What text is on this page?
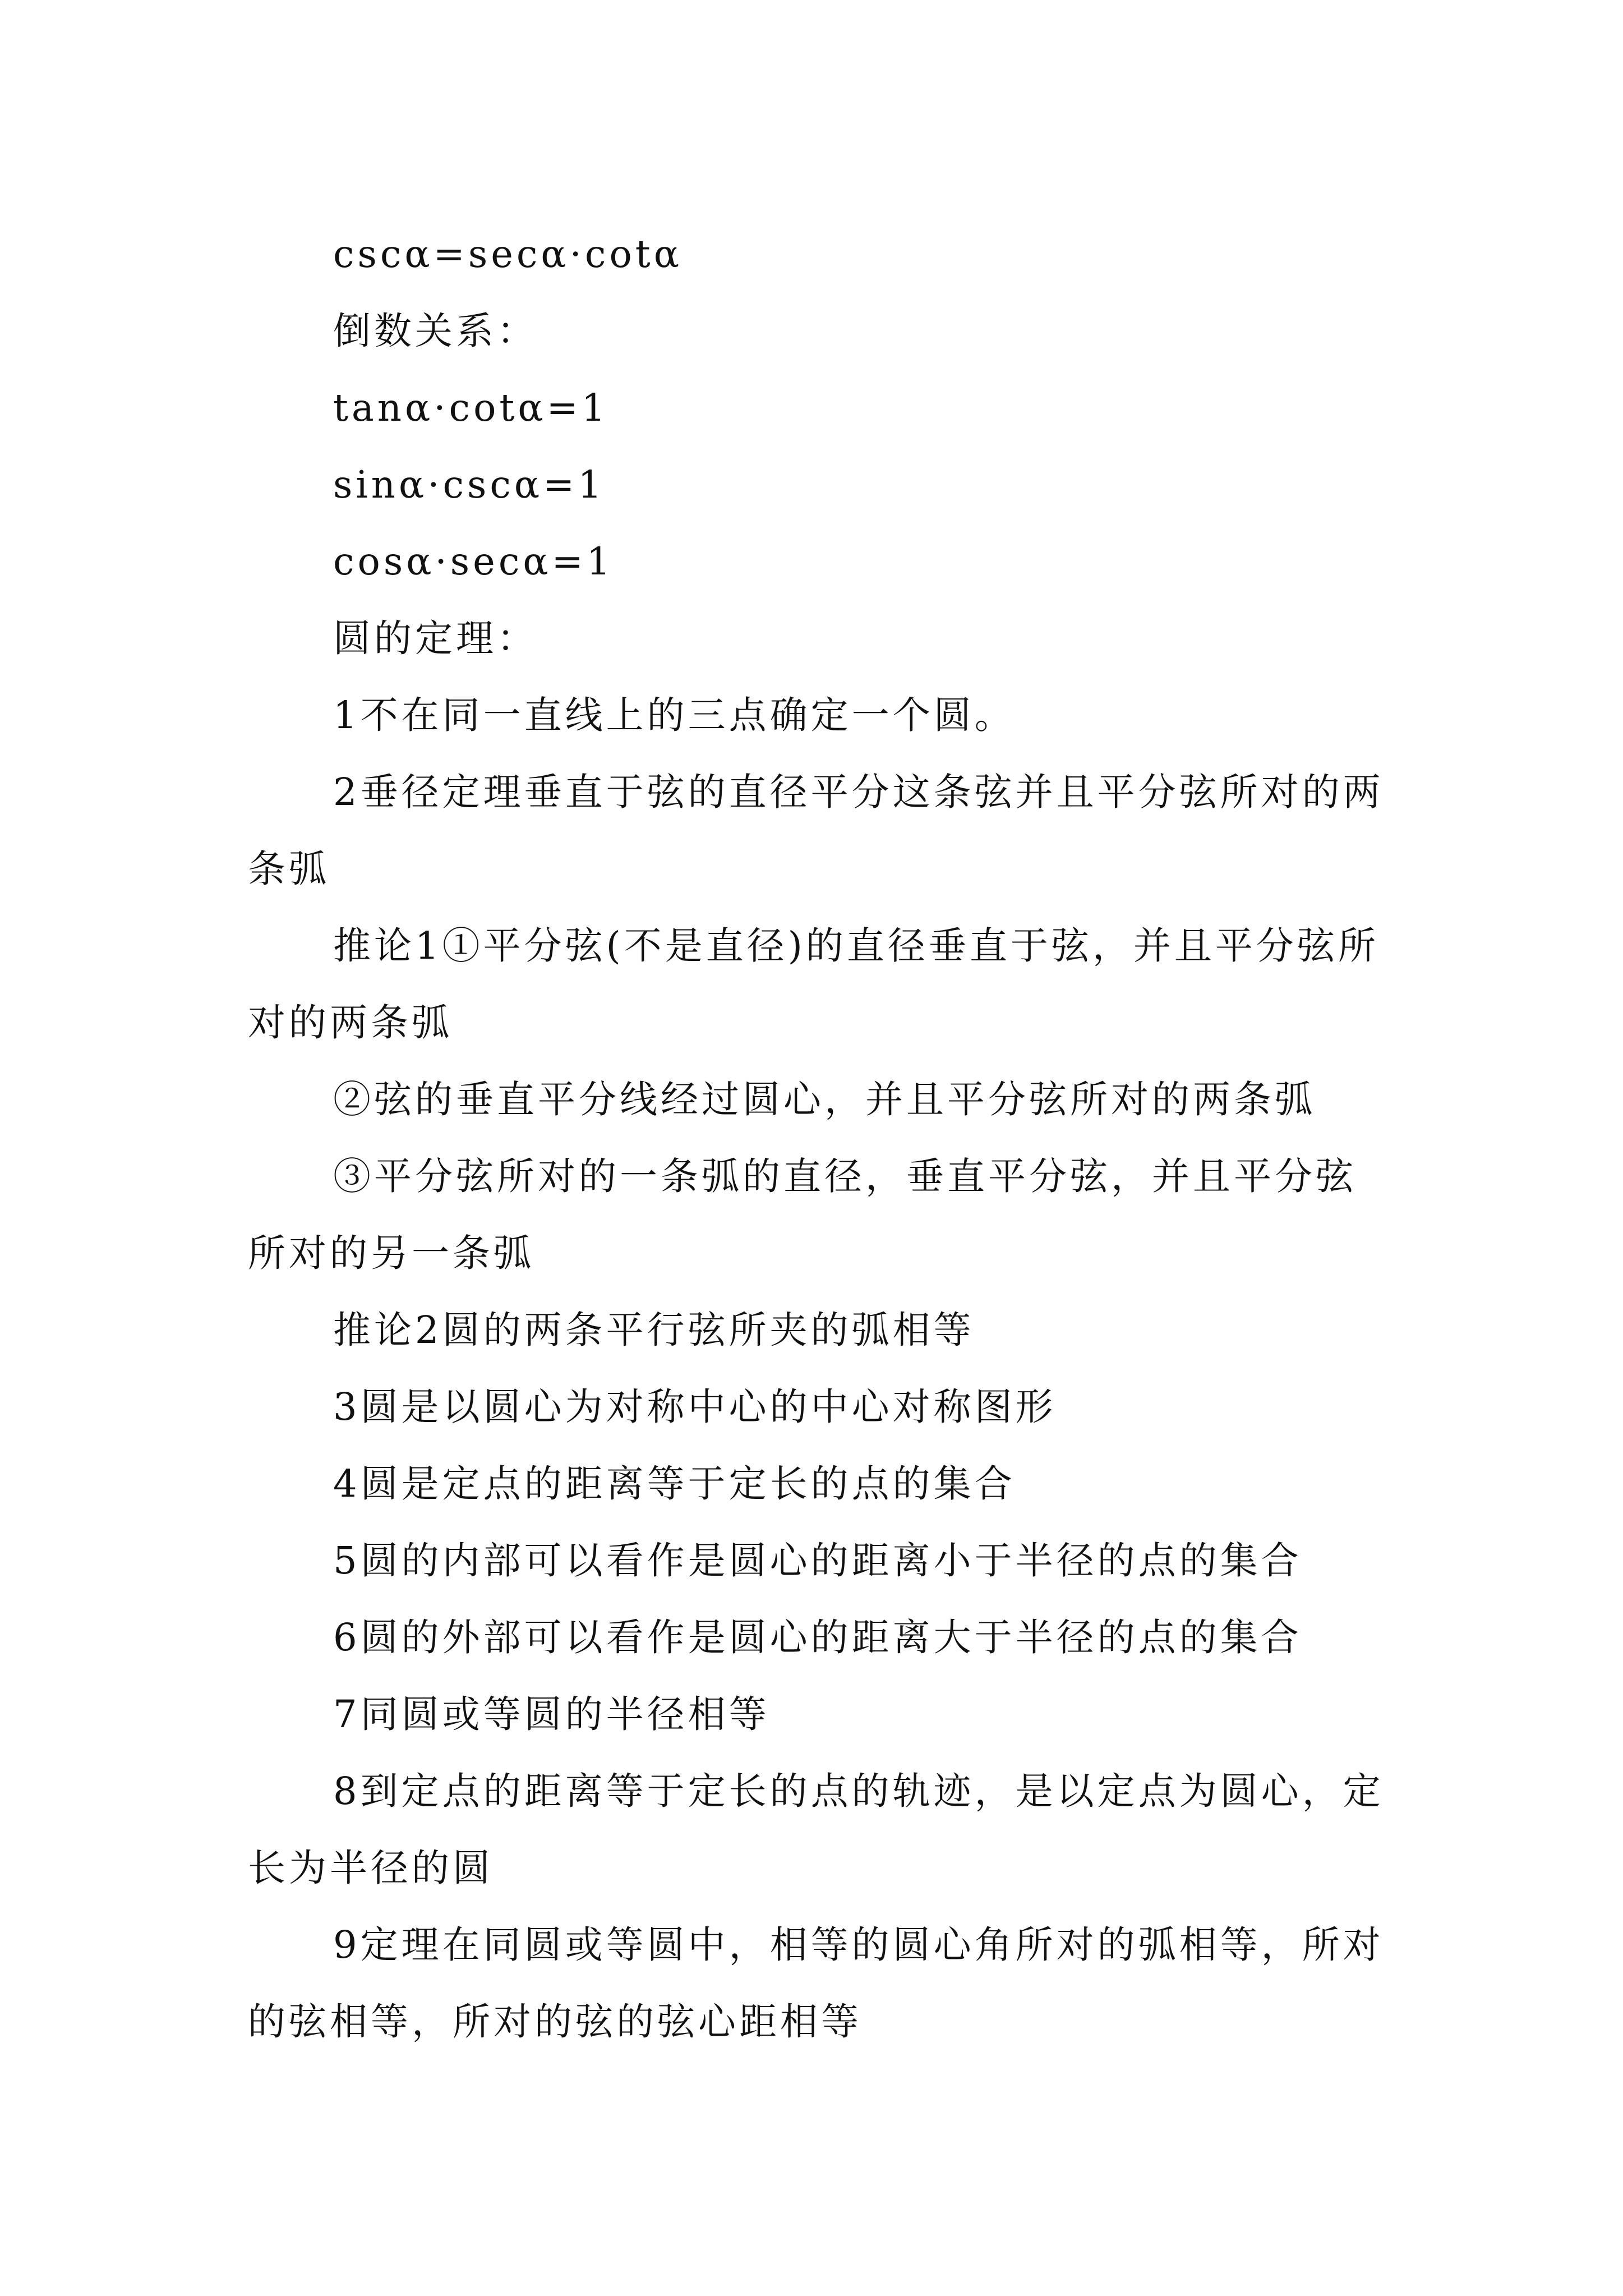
cscα=secα·cotα

倒数关系：

tanα·cotα=1

sinα·cscα=1

cosα·secα=1

圆的定理：

1不在同一直线上的三点确定一个圆。

2垂径定理垂直于弦的直径平分这条弦并且平分弦所对的两条弧

推论1①平分弦(不是直径)的直径垂直于弦，并且平分弦所对的两条弧

②弦的垂直平分线经过圆心，并且平分弦所对的两条弧

③平分弦所对的一条弧的直径，垂直平分弦，并且平分弦所对的另一条弧

推论2圆的两条平行弦所夹的弧相等

3圆是以圆心为对称中心的中心对称图形

4圆是定点的距离等于定长的点的集合

5圆的内部可以看作是圆心的距离小于半径的点的集合

6圆的外部可以看作是圆心的距离大于半径的点的集合

7同圆或等圆的半径相等

8到定点的距离等于定长的点的轨迹，是以定点为圆心，定长为半径的圆

9定理在同圆或等圆中，相等的圆心角所对的弧相等，所对的弦相等，所对的弦的弦心距相等
